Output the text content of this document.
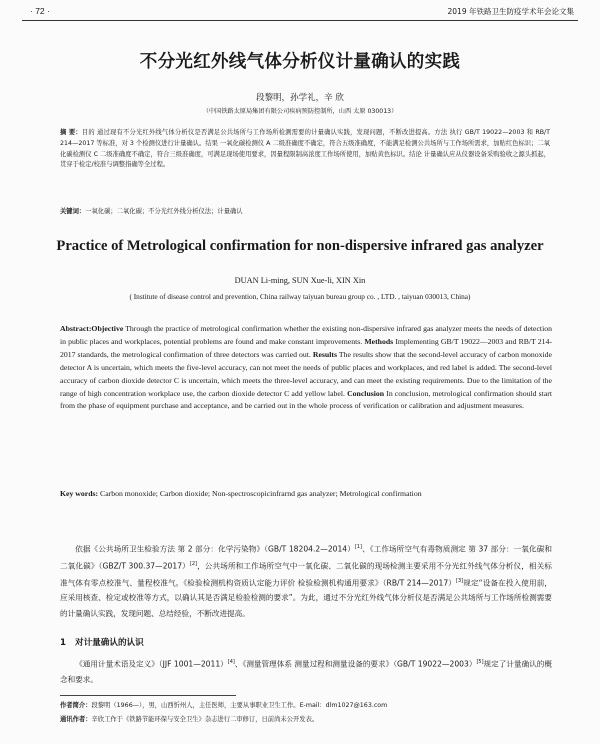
· 72 ·	2019 年铁路卫生防疫学术年会论文集
不分光红外线气体分析仪计量确认的实践
段黎明，孙学礼，辛 欣
（中国铁路太原局集团有限公司疾病预防控制所，山西 太原 030013）
摘 要：目的 通过现有不分光红外线气体分析仪是否满足公共场所与工作场所检测需要的计量确认实践，发现问题，不断改进提高。方法 执行 GB/T 19022—2003 和 RB/T 214—2017 等标准，对 3 个检测仪进行计量确认。结果 一氧化碳检测仪 A 二级准确度不确定，符合五级准确度，不能满足检测公共场所与工作场所需求，加贴红色标识；二氧化碳检测仪 C 二级准确度不确定，符合三级准确度，可满足现场使用要求，因量程限制高浓度工作场所使用，加贴黄色标识。结论 计量确认应从仪器设备采购验收之源头抓起，贯穿于检定/校准与调整指确等全过程。
关键词：一氧化碳；二氧化碳；不分光红外线分析仪法；计量确认
Practice of Metrological confirmation for non-dispersive infrared gas analyzer
DUAN Li-ming, SUN Xue-li, XIN Xin
( Institute of disease control and prevention, China railway taiyuan bureau group co. , LTD. , taiyuan 030013, China)
Abstract:Objective Through the practice of metrological confirmation whether the existing non-dispersive infrared gas analyzer meets the needs of detection in public places and workplaces, potential problems are found and make constant improvements. Methods Implementing GB/T 19022—2003 and RB/T 214- 2017 standards, the metrological confirmation of three detectors was carried out. Results The results show that the second-level accuracy of carbon monoxide detector A is uncertain, which meets the five-level accuracy, can not meet the needs of public places and workplaces, and red label is added. The second-level accuracy of carbon dioxide detector C is uncertain, which meets the three-level accuracy, and can meet the existing requirements. Due to the limitation of the range of high concentration workplace use, the carbon dioxide detector C add yellow label. Conclusion In conclusion, metrological confirmation should start from the phase of equipment purchase and acceptance, and be carried out in the whole process of verification or calibration and adjustment measures.
Key words: Carbon monoxide; Carbon dioxide; Non-spectroscopicinfrarnd gas analyzer; Metrological confirmation
依据《公共场所卫生检验方法 第 2 部分：化学污染物》（GB/T 18204.2—2014）[1]、《工作场所空气有毒物质测定 第 37 部分：一氧化碳和二氧化碳》（GBZ/T 300.37—2017）[2]，公共场所和工作场所空气中一氧化碳、二氧化碳的现场检测主要采用不分光红外线气体分析仪，相关标准气体有零点校准气、量程校准气。《检验检测机构资质认定能力评价 检验检测机构通用要求》（RB/T 214—2017）[3]规定“设备在投入使用前，应采用核查、检定或校准等方式，以确认其是否满足检验检测的要求”。为此，通过不分光红外线气体分析仪是否满足公共场所与工作场所检测需要的计量确认实践，发现问题、总结经验，不断改进提高。
1 对计量确认的认识
《通用计量术语及定义》（JJF 1001—2011）[4]、《测量管理体系 测量过程和测量设备的要求》（GB/T 19022—2003）[5]规定了计量确认的概念和要求。
作者简介：段黎明（1966—），男，山西忻州人，主任医师，主要从事职业卫生工作。E-mail：dlm1027@163.com
通讯作者：辛欣工作于《铁路节能环保与安全卫生》杂志进行二审修订，日前尚未公开发表。
